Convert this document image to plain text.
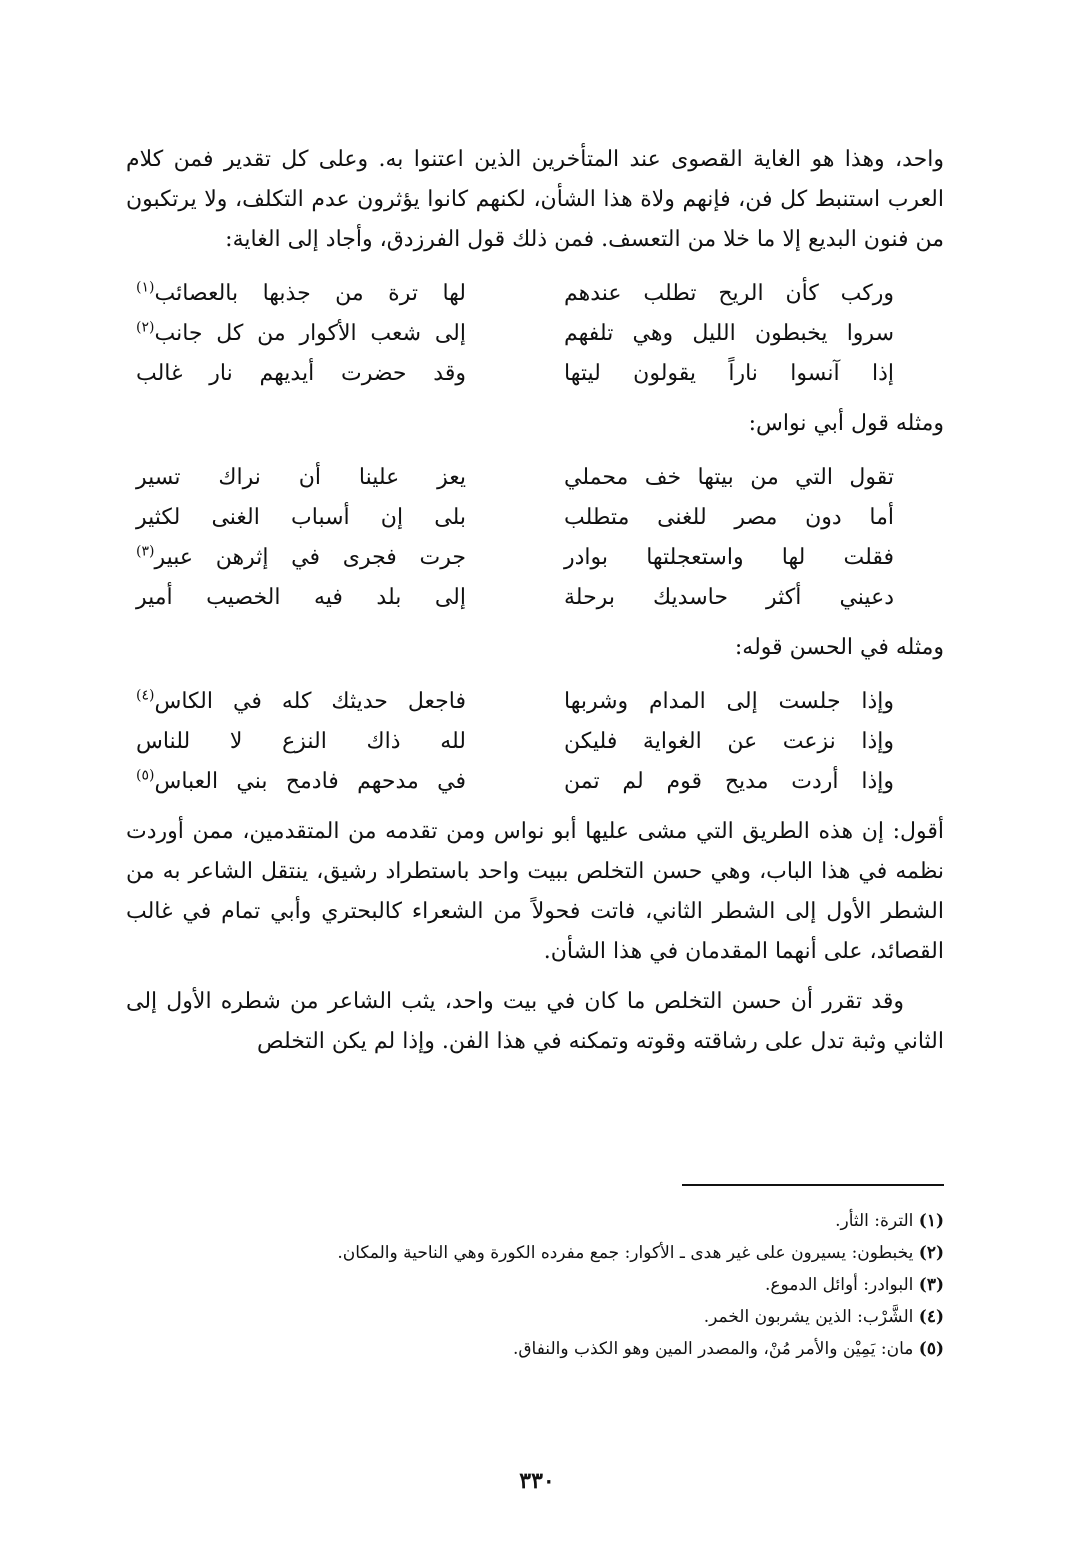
واحد، وهذا هو الغاية القصوى عند المتأخرين الذين اعتنوا به. وعلى كل تقدير فمن كلام العرب استنبط كل فن، فإنهم ولاة هذا الشأن، لكنهم كانوا يؤثرون عدم التكلف، ولا يرتكبون من فنون البديع إلا ما خلا من التعسف. فمن ذلك قول الفرزدق، وأجاد إلى الغاية:

وركب كأن الريح تطلب عندهم
لها ترة من جذبها بالعصائب$^{(١)}$
سروا يخبطون الليل وهي تلفهم
إلى شعب الأكوار من كل جانب$^{(٢)}$
إذا آنسوا ناراً يقولون ليتها
وقد حضرت أيديهم نار غالب
ومثله قول أبي نواس:
تقول التي من بيتها خف محملي
يعز علينا أن نراك تسير
أما دون مصر للغنى متطلب
بلى إن أسباب الغنى لكثير
فقلت لها واستعجلتها بوادر
جرت فجرى في إثرهن عبير$^{(٣)}$
دعيني أكثر حاسديك برحلة
إلى بلد فيه الخصيب أمير
ومثله في الحسن قوله:
وإذا جلست إلى المدام وشربها
فاجعل حديثك كله في الكاس$^{(٤)}$
وإذا نزعت عن الغواية فليكن
لله ذاك النزع لا للناس
وإذا أردت مديح قوم لم تمن
في مدحهم فادمح بني العباس$^{(٥)}$

أقول: إن هذه الطريق التي مشى عليها أبو نواس ومن تقدمه من المتقدمين، ممن أوردت نظمه في هذا الباب، وهي حسن التخلص ببيت واحد باستطراد رشيق، ينتقل الشاعر به من الشطر الأول إلى الشطر الثاني، فاتت فحولاً من الشعراء كالبحتري وأبي تمام في غالب القصائد، على أنهما المقدمان في هذا الشأن.

وقد تقرر أن حسن التخلص ما كان في بيت واحد، يثب الشاعر من شطره الأول إلى الثاني وثبة تدل على رشاقته وقوته وتمكنه في هذا الفن. وإذا لم يكن التخلص

(١) الترة: الثأر.
(٢) يخبطون: يسيرون على غير هدى ـ الأكوار: جمع مفرده الكورة وهي الناحية والمكان.
(٣) البوادر: أوائل الدموع.
(٤) الشَّرْب: الذين يشربون الخمر.
(٥) مان: يَمِيْن والأمر مُنْ، والمصدر المين وهو الكذب والنفاق.
٣٣٠
